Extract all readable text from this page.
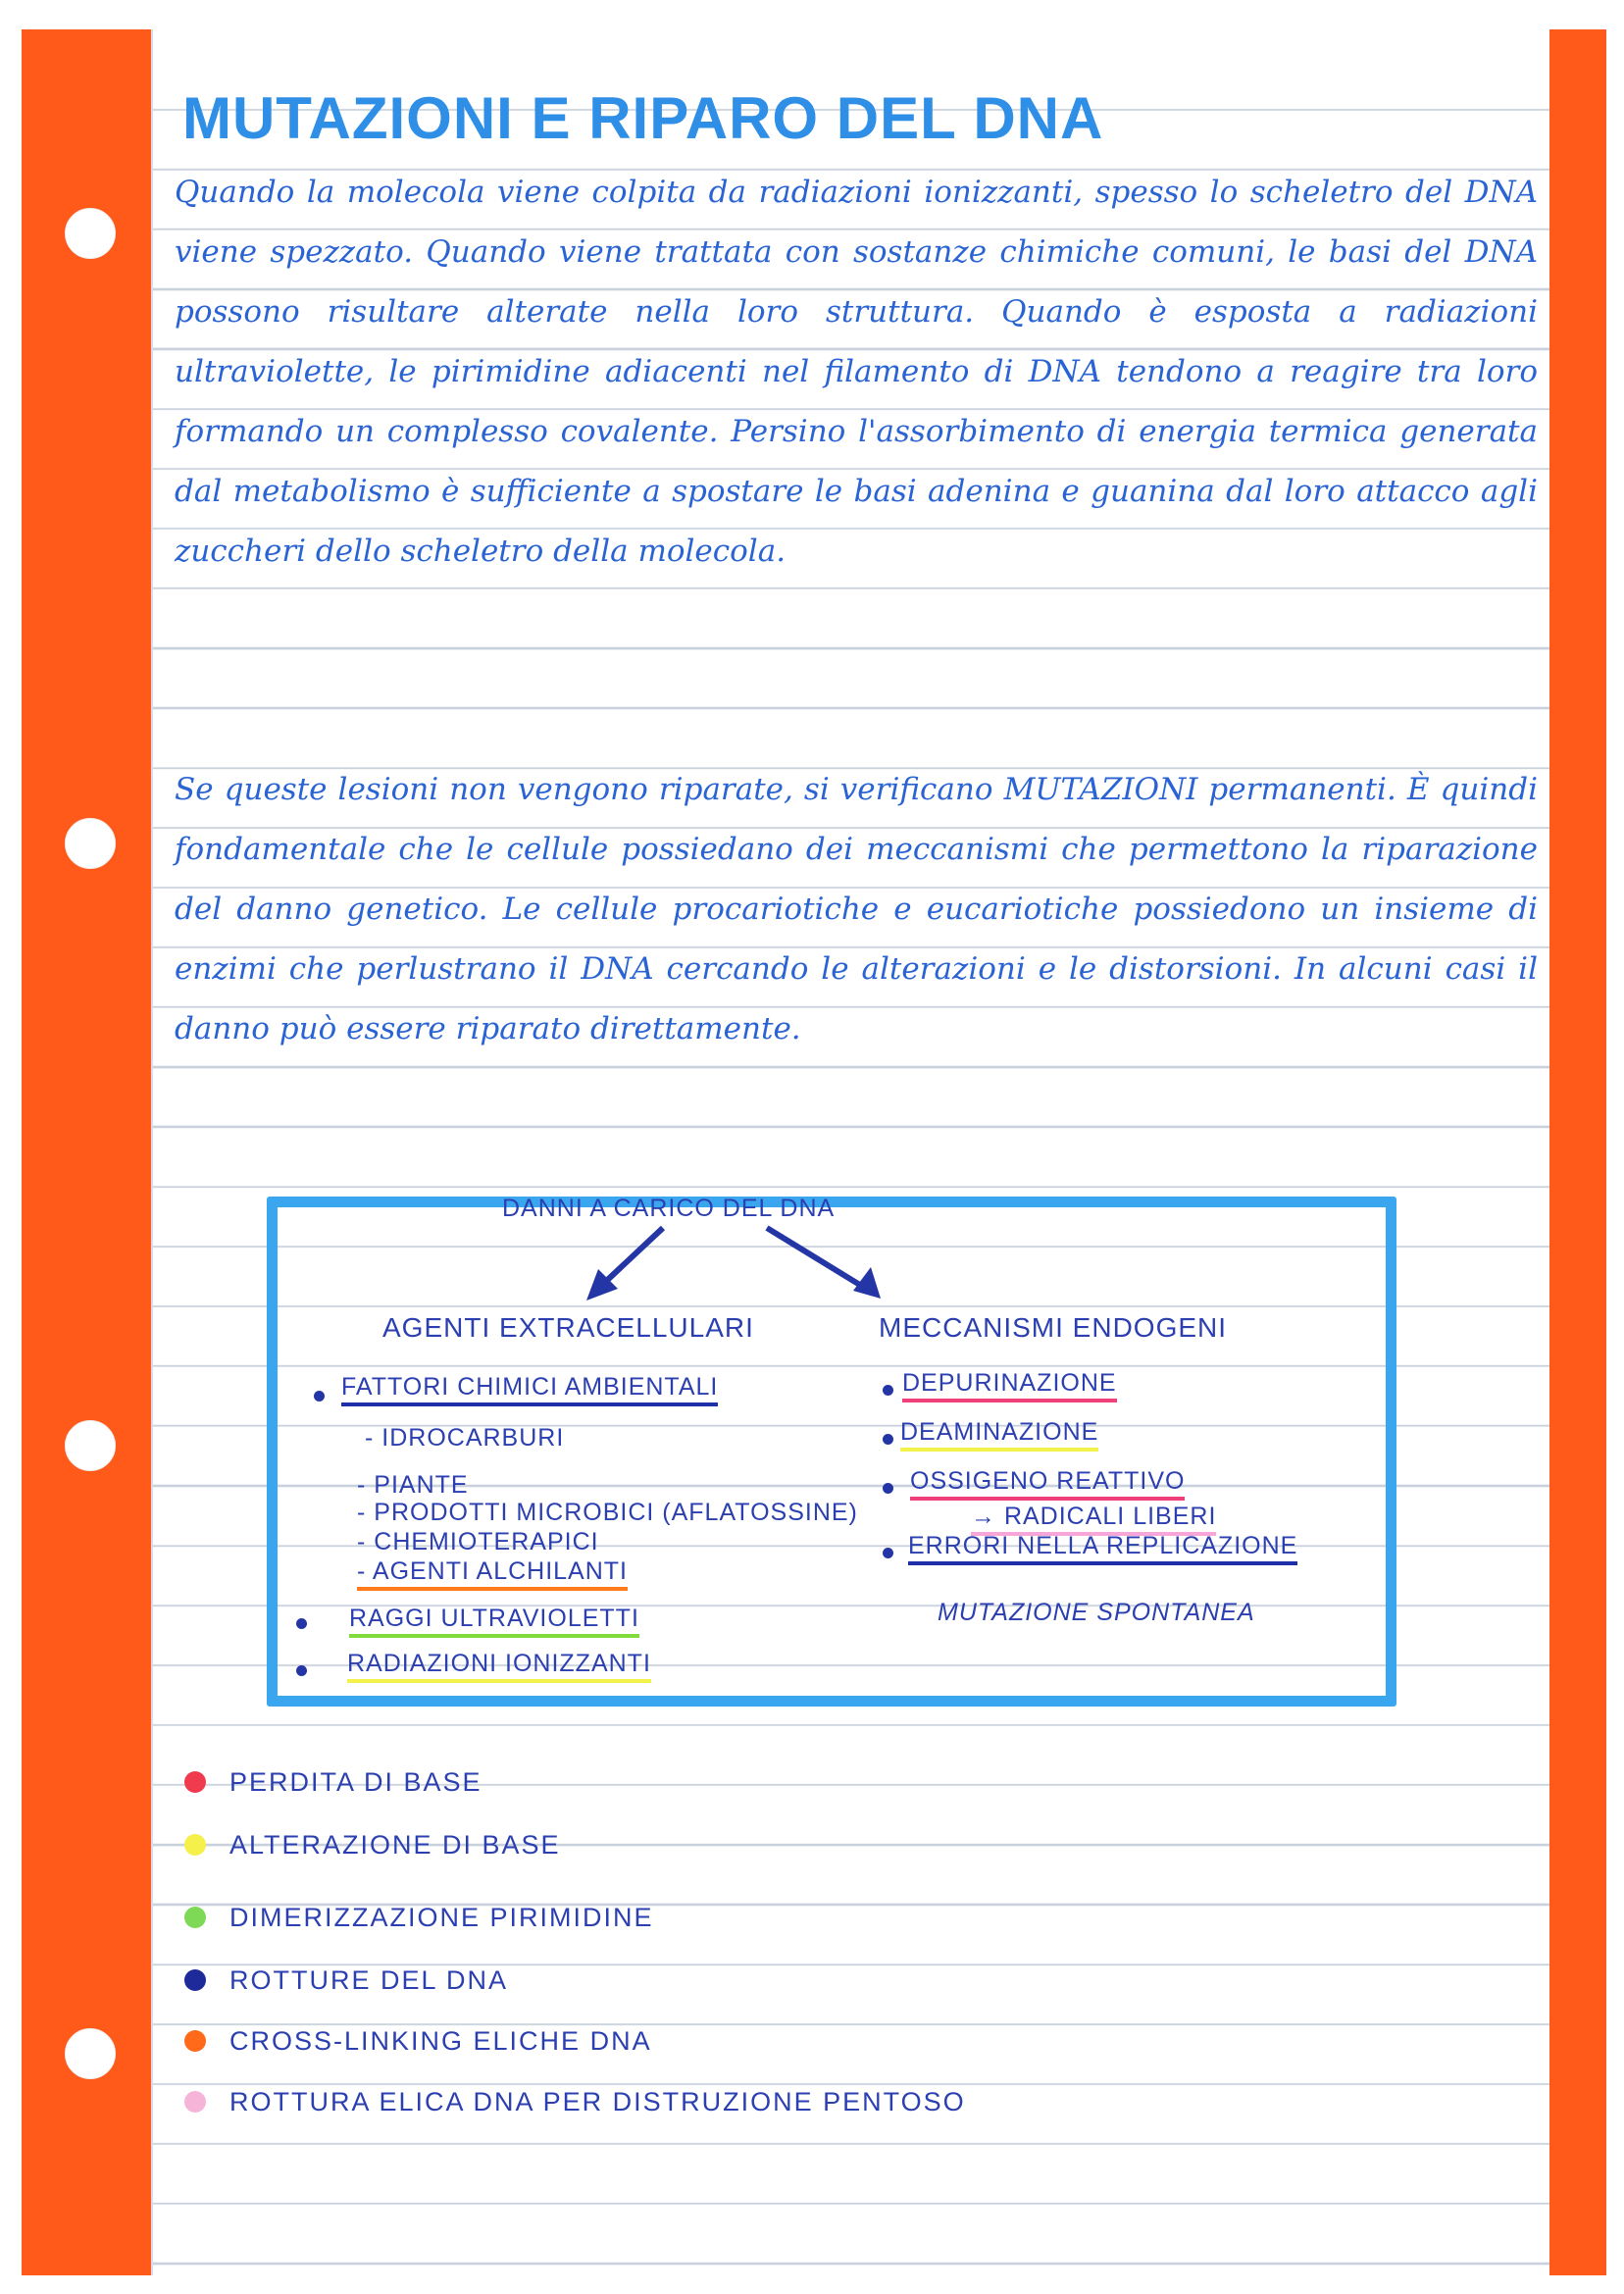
MUTAZIONI E RIPARO DEL DNA

Quando la molecola viene colpita da radiazioni ionizzanti, spesso lo scheletro del DNA viene spezzato. Quando viene trattata con sostanze chimiche comuni, le basi del DNA possono risultare alterate nella loro struttura. Quando è esposta a radiazioni ultraviolette, le pirimidine adiacenti nel filamento di DNA tendono a reagire tra loro formando un complesso covalente. Persino l'assorbimento di energia termica generata dal metabolismo è sufficiente a spostare le basi adenina e guanina dal loro attacco agli zuccheri dello scheletro della molecola.

Se queste lesioni non vengono riparate, si verificano MUTAZIONI permanenti. È quindi fondamentale che le cellule possiedano dei meccanismi che permettono la riparazione del danno genetico. Le cellule procariotiche e eucariotiche possiedono un insieme di enzimi che perlustrano il DNA cercando le alterazioni e le distorsioni. In alcuni casi il danno può essere riparato direttamente.

DANNI A CARICO DEL DNA
AGENTI EXTRACELLULARI	MECCANISMI ENDOGENI
FATTORI CHIMICI AMBIENTALI
- IDROCARBURI
- PIANTE
- PRODOTTI MICROBICI (AFLATOSSINE)
- CHEMIOTERAPICI
- AGENTI ALCHILANTI
RAGGI ULTRAVIOLETTI
RADIAZIONI IONIZZANTI
DEPURINAZIONE
DEAMINAZIONE
OSSIGENO REATTIVO
→ RADICALI LIBERI
ERRORI NELLA REPLICAZIONE
MUTAZIONE SPONTANEA
PERDITA DI BASE
ALTERAZIONE DI BASE
DIMERIZZAZIONE PIRIMIDINE
ROTTURE DEL DNA
CROSS-LINKING ELICHE DNA
ROTTURA ELICA DNA PER DISTRUZIONE PENTOSO
